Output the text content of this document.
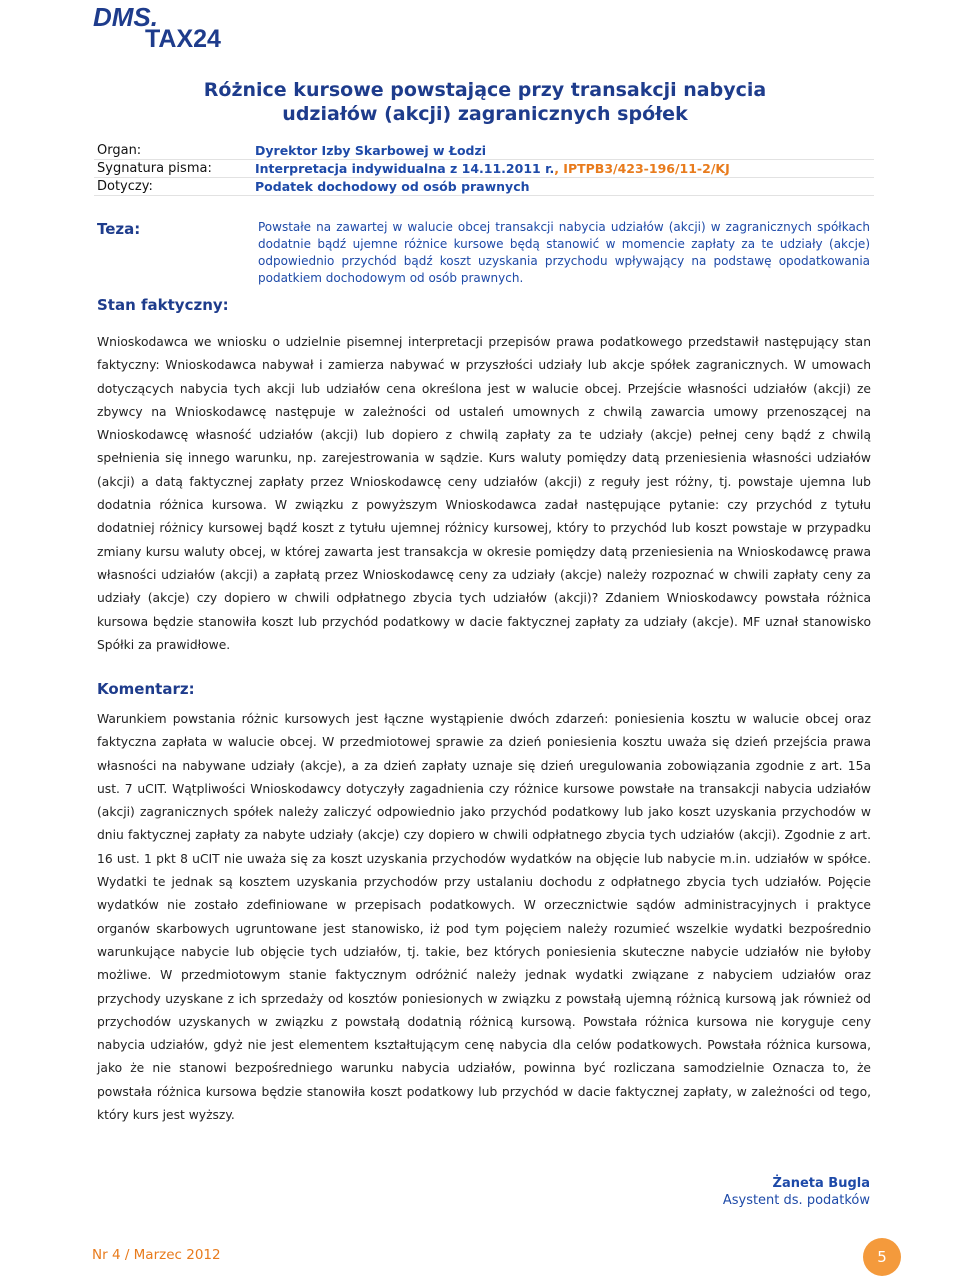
DMS.
TAX24
Różnice kursowe powstające przy transakcji nabycia
udziałów (akcji) zagranicznych spółek
Organ:	Dyrektor Izby Skarbowej w Łodzi
Sygnatura pisma:	Interpretacja indywidualna z 14.11.2011 r., IPTPB3/423-196/11-2/KJ
Dotyczy:	Podatek dochodowy od osób prawnych
Teza:	Powstałe na zawartej w walucie obcej transakcji nabycia udziałów (akcji) w zagranicznych spółkach dodatnie bądź ujemne różnice kursowe będą stanowić w momencie zapłaty za te udziały (akcje) odpowiednio przychód bądź koszt uzyskania przychodu wpływający na podstawę opodatkowania podatkiem dochodowym od osób prawnych.

Stan faktyczny:

Wnioskodawca we wniosku o udzielnie pisemnej interpretacji przepisów prawa podatkowego przedstawił następujący stan faktyczny: Wnioskodawca nabywał i zamierza nabywać w przyszłości udziały lub akcje spółek zagranicznych. W umowach dotyczących nabycia tych akcji lub udziałów cena określona jest w walucie obcej. Przejście własności udziałów (akcji) ze zbywcy na Wnioskodawcę następuje w zależności od ustaleń umownych z chwilą zawarcia umowy przenoszącej na Wnioskodawcę własność udziałów (akcji) lub dopiero z chwilą zapłaty za te udziały (akcje) pełnej ceny bądź z chwilą spełnienia się innego warunku, np. zarejestrowania w sądzie. Kurs waluty pomiędzy datą przeniesienia własności udziałów (akcji) a datą faktycznej zapłaty przez Wnioskodawcę ceny udziałów (akcji) z reguły jest różny, tj. powstaje ujemna lub dodatnia różnica kursowa. W związku z powyższym Wnioskodawca zadał następujące pytanie: czy przychód z tytułu dodatniej różnicy kursowej bądź koszt z tytułu ujemnej różnicy kursowej, który to przychód lub koszt powstaje w przypadku zmiany kursu waluty obcej, w której zawarta jest transakcja w okresie pomiędzy datą przeniesienia na Wnioskodawcę prawa własności udziałów (akcji) a zapłatą przez Wnioskodawcę ceny za udziały (akcje) należy rozpoznać w chwili zapłaty ceny za udziały (akcje) czy dopiero w chwili odpłatnego zbycia tych udziałów (akcji)? Zdaniem Wnioskodawcy powstała różnica kursowa będzie stanowiła koszt lub przychód podatkowy w dacie faktycznej zapłaty za udziały (akcje). MF uznał stanowisko Spółki za prawidłowe.

Komentarz:

Warunkiem powstania różnic kursowych jest łączne wystąpienie dwóch zdarzeń: poniesienia kosztu w walucie obcej oraz faktyczna zapłata w walucie obcej. W przedmiotowej sprawie za dzień poniesienia kosztu uważa się dzień przejścia prawa własności na nabywane udziały (akcje), a za dzień zapłaty uznaje się dzień uregulowania zobowiązania zgodnie z art. 15a ust. 7 uCIT. Wątpliwości Wnioskodawcy dotyczyły zagadnienia czy różnice kursowe powstałe na transakcji nabycia udziałów (akcji) zagranicznych spółek należy zaliczyć odpowiednio jako przychód podatkowy lub jako koszt uzyskania przychodów w dniu faktycznej zapłaty za nabyte udziały (akcje) czy dopiero w chwili odpłatnego zbycia tych udziałów (akcji). Zgodnie z art. 16 ust. 1 pkt 8 uCIT nie uważa się za koszt uzyskania przychodów wydatków na objęcie lub nabycie m.in. udziałów w spółce. Wydatki te jednak są kosztem uzyskania przychodów przy ustalaniu dochodu z odpłatnego zbycia tych udziałów. Pojęcie wydatków nie zostało zdefiniowane w przepisach podatkowych. W orzecznictwie sądów administracyjnych i praktyce organów skarbowych ugruntowane jest stanowisko, iż pod tym pojęciem należy rozumieć wszelkie wydatki bezpośrednio warunkujące nabycie lub objęcie tych udziałów, tj. takie, bez których poniesienia skuteczne nabycie udziałów nie byłoby możliwe. W przedmiotowym stanie faktycznym odróżnić należy jednak wydatki związane z nabyciem udziałów oraz przychody uzyskane z ich sprzedaży od kosztów poniesionych w związku z powstałą ujemną różnicą kursową jak również od przychodów uzyskanych w związku z powstałą dodatnią różnicą kursową. Powstała różnica kursowa nie koryguje ceny nabycia udziałów, gdyż nie jest elementem kształtującym cenę nabycia dla celów podatkowych. Powstała różnica kursowa, jako że nie stanowi bezpośredniego warunku nabycia udziałów, powinna być rozliczana samodzielnie Oznacza to, że powstała różnica kursowa będzie stanowiła koszt podatkowy lub przychód w dacie faktycznej zapłaty, w zależności od tego, który kurs jest wyższy.

Żaneta Bugla
Asystent ds. podatków
Nr 4 / Marzec 2012	5
